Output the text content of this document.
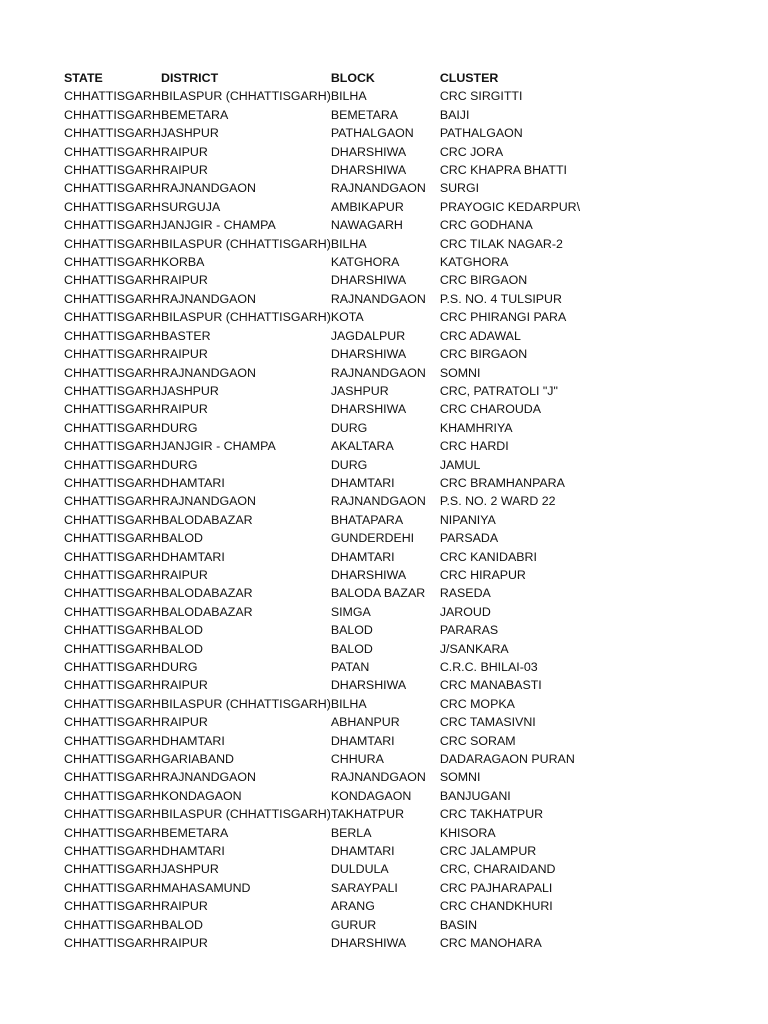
STATE	DISTRICT	BLOCK	CLUSTER
CHHATTISGARH	BILASPUR (CHHATTISGARH)	BILHA	CRC SIRGITTI
CHHATTISGARH	BEMETARA	BEMETARA	BAIJI
CHHATTISGARH	JASHPUR	PATHALGAON	PATHALGAON
CHHATTISGARH	RAIPUR	DHARSHIWA	CRC JORA
CHHATTISGARH	RAIPUR	DHARSHIWA	CRC KHAPRA BHATTI
CHHATTISGARH	RAJNANDGAON	RAJNANDGAON	SURGI
CHHATTISGARH	SURGUJA	AMBIKAPUR	PRAYOGIC KEDARPUR\
CHHATTISGARH	JANJGIR - CHAMPA	NAWAGARH	CRC GODHANA
CHHATTISGARH	BILASPUR (CHHATTISGARH)	BILHA	CRC TILAK NAGAR-2
CHHATTISGARH	KORBA	KATGHORA	KATGHORA
CHHATTISGARH	RAIPUR	DHARSHIWA	CRC BIRGAON
CHHATTISGARH	RAJNANDGAON	RAJNANDGAON	P.S. NO. 4 TULSIPUR
CHHATTISGARH	BILASPUR (CHHATTISGARH)	KOTA	CRC PHIRANGI PARA
CHHATTISGARH	BASTER	JAGDALPUR	CRC ADAWAL
CHHATTISGARH	RAIPUR	DHARSHIWA	CRC BIRGAON
CHHATTISGARH	RAJNANDGAON	RAJNANDGAON	SOMNI
CHHATTISGARH	JASHPUR	JASHPUR	CRC, PATRATOLI "J"
CHHATTISGARH	RAIPUR	DHARSHIWA	CRC CHAROUDA
CHHATTISGARH	DURG	DURG	KHAMHRIYA
CHHATTISGARH	JANJGIR - CHAMPA	AKALTARA	CRC HARDI
CHHATTISGARH	DURG	DURG	JAMUL
CHHATTISGARH	DHAMTARI	DHAMTARI	CRC BRAMHANPARA
CHHATTISGARH	RAJNANDGAON	RAJNANDGAON	P.S. NO. 2 WARD 22
CHHATTISGARH	BALODABAZAR	BHATAPARA	NIPANIYA
CHHATTISGARH	BALOD	GUNDERDEHI	PARSADA
CHHATTISGARH	DHAMTARI	DHAMTARI	CRC KANIDABRI
CHHATTISGARH	RAIPUR	DHARSHIWA	CRC HIRAPUR
CHHATTISGARH	BALODABAZAR	BALODA BAZAR	RASEDA
CHHATTISGARH	BALODABAZAR	SIMGA	JAROUD
CHHATTISGARH	BALOD	BALOD	PARARAS
CHHATTISGARH	BALOD	BALOD	J/SANKARA
CHHATTISGARH	DURG	PATAN	C.R.C. BHILAI-03
CHHATTISGARH	RAIPUR	DHARSHIWA	CRC MANABASTI
CHHATTISGARH	BILASPUR (CHHATTISGARH)	BILHA	CRC MOPKA
CHHATTISGARH	RAIPUR	ABHANPUR	CRC TAMASIVNI
CHHATTISGARH	DHAMTARI	DHAMTARI	CRC SORAM
CHHATTISGARH	GARIABAND	CHHURA	DADARAGAON PURAN
CHHATTISGARH	RAJNANDGAON	RAJNANDGAON	SOMNI
CHHATTISGARH	KONDAGAON	KONDAGAON	BANJUGANI
CHHATTISGARH	BILASPUR (CHHATTISGARH)	TAKHATPUR	CRC TAKHATPUR
CHHATTISGARH	BEMETARA	BERLA	KHISORA
CHHATTISGARH	DHAMTARI	DHAMTARI	CRC JALAMPUR
CHHATTISGARH	JASHPUR	DULDULA	CRC, CHARAIDAND
CHHATTISGARH	MAHASAMUND	SARAYPALI	CRC PAJHARAPALI
CHHATTISGARH	RAIPUR	ARANG	CRC CHANDKHURI
CHHATTISGARH	BALOD	GURUR	BASIN
CHHATTISGARH	RAIPUR	DHARSHIWA	CRC MANOHARA
